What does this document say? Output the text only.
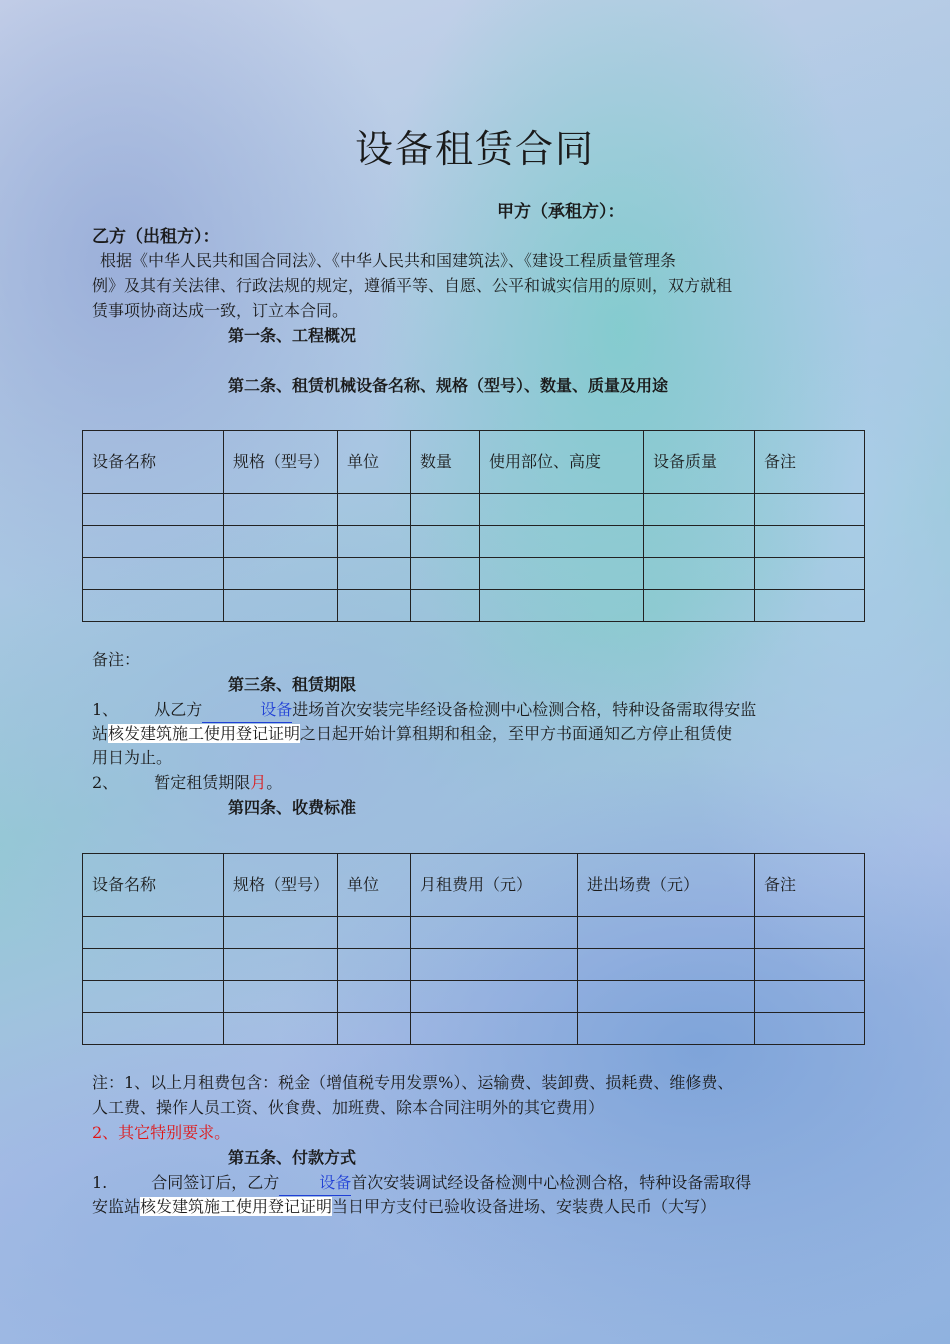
设备租赁合同
甲方（承租方）：
乙方（出租方）：
根据《中华人民共和国合同法》、《中华人民共和国建筑法》、《建设工程质量管理条
例》及其有关法律、行政法规的规定，遵循平等、自愿、公平和诚实信用的原则，双方就租
赁事项协商达成一致，订立本合同。
第一条、工程概况
第二条、租赁机械设备名称、规格（型号）、数量、质量及用途
设备名称	规格（型号）	单位	数量	使用部位、高度	设备质量	备注

备注：
第三条、租赁期限
1、 从乙方	设备进场首次安装完毕经设备检测中心检测合格，特种设备需取得安监
站核发建筑施工使用登记证明之日起开始计算租期和租金，至甲方书面通知乙方停止租赁使
用日为止。
2、 暂定租赁期限月。
第四条、收费标准
设备名称	规格（型号）	单位	月租费用（元）	进出场费（元）	备注

注：1、以上月租费包含：税金（增值税专用发票%）、运输费、装卸费、损耗费、维修费、
人工费、操作人员工资、伙食费、加班费、除本合同注明外的其它费用）
2、其它特别要求。
第五条、付款方式
1.	合同签订后，乙方	设备首次安装调试经设备检测中心检测合格，特种设备需取得
安监站核发建筑施工使用登记证明当日甲方支付已验收设备进场、安装费人民币（大写）
